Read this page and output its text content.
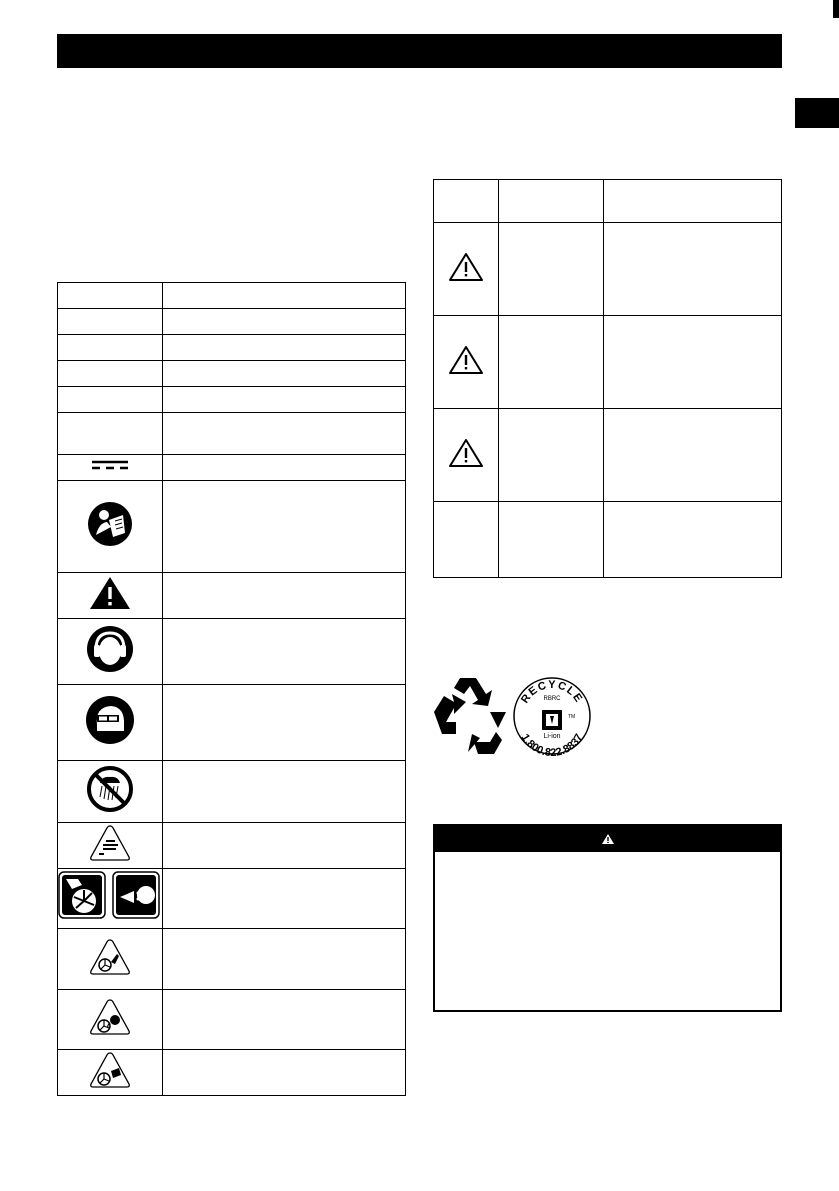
RECYCLE
RBRC
TM
Li-ion
1.800.822.8837
